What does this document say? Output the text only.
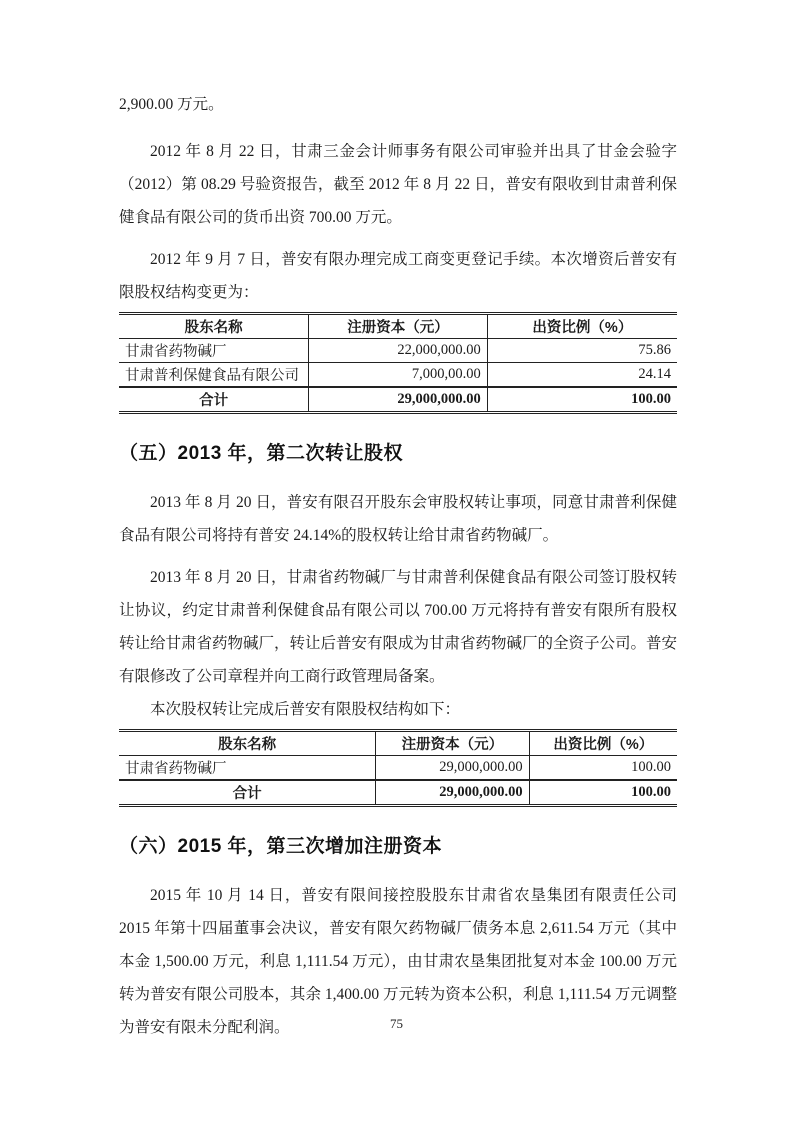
2,900.00 万元。

2012 年 8 月 22 日，甘肃三金会计师事务有限公司审验并出具了甘金会验字（2012）第 08.29 号验资报告，截至 2012 年 8 月 22 日，普安有限收到甘肃普利保健食品有限公司的货币出资 700.00 万元。

2012 年 9 月 7 日，普安有限办理完成工商变更登记手续。本次增资后普安有限股权结构变更为：

股东名称	注册资本（元）	出资比例（%）
甘肃省药物碱厂	22,000,000.00	75.86
甘肃普利保健食品有限公司	7,000,00.00	24.14
合计	29,000,000.00	100.00
（五）2013 年，第二次转让股权

2013 年 8 月 20 日，普安有限召开股东会审股权转让事项，同意甘肃普利保健食品有限公司将持有普安 24.14%的股权转让给甘肃省药物碱厂。

2013 年 8 月 20 日，甘肃省药物碱厂与甘肃普利保健食品有限公司签订股权转让协议，约定甘肃普利保健食品有限公司以 700.00 万元将持有普安有限所有股权转让给甘肃省药物碱厂，转让后普安有限成为甘肃省药物碱厂的全资子公司。普安有限修改了公司章程并向工商行政管理局备案。

本次股权转让完成后普安有限股权结构如下：

股东名称	注册资本（元）	出资比例（%）
甘肃省药物碱厂	29,000,000.00	100.00
合计	29,000,000.00	100.00
（六）2015 年，第三次增加注册资本

2015 年 10 月 14 日，普安有限间接控股股东甘肃省农垦集团有限责任公司 2015 年第十四届董事会决议，普安有限欠药物碱厂债务本息 2,611.54 万元（其中本金 1,500.00 万元，利息 1,111.54 万元），由甘肃农垦集团批复对本金 100.00 万元转为普安有限公司股本，其余 1,400.00 万元转为资本公积，利息 1,111.54 万元调整为普安有限未分配利润。	75
